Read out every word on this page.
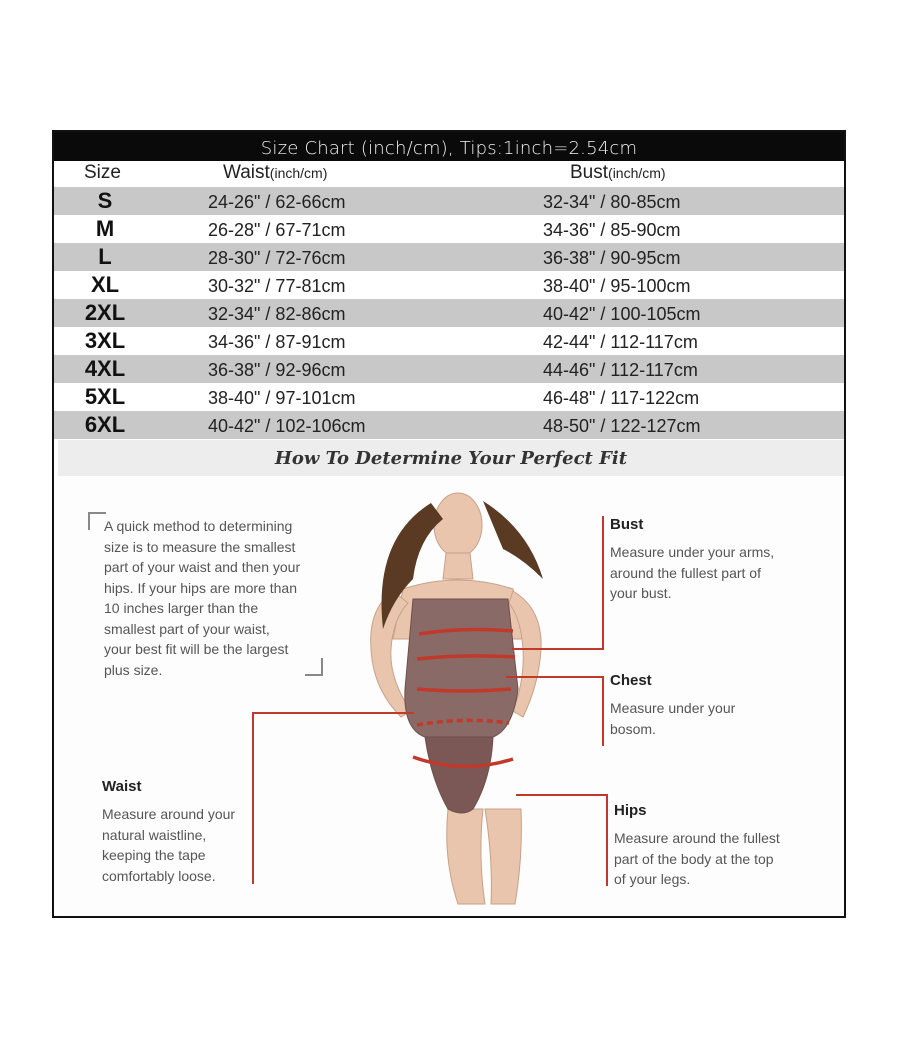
Size Chart (inch/cm), Tips:1inch=2.54cm
Size	Waist(inch/cm)	Bust(inch/cm)
S	24-26" / 62-66cm	32-34" / 80-85cm
M	26-28" / 67-71cm	34-36" / 85-90cm
L	28-30" / 72-76cm	36-38" / 90-95cm
XL	30-32" / 77-81cm	38-40" / 95-100cm
2XL	32-34" / 82-86cm	40-42" / 100-105cm
3XL	34-36" / 87-91cm	42-44" / 112-117cm
4XL	36-38" / 92-96cm	44-46" / 112-117cm
5XL	38-40" / 97-101cm	46-48" / 117-122cm
6XL	40-42" / 102-106cm	48-50" / 122-127cm
How To Determine Your Perfect Fit
A quick method to determining
size is to measure the smallest
part of your waist and then your
hips. If your hips are more than
10 inches larger than the
smallest part of your waist,
your best fit will be the largest
plus size.
Bust
Measure under your arms,
around the fullest part of
your bust.
Chest
Measure under your
bosom.
Waist
Measure around your
natural waistline,
keeping the tape
comfortably loose.
Hips
Measure around the fullest
part of the body at the top
of your legs.
